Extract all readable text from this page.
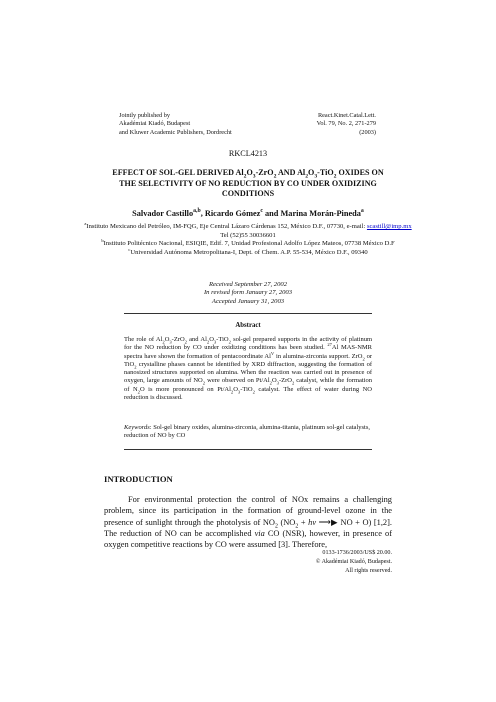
Jointly published by
Akadémiai Kiadó, Budapest
and Kluwer Academic Publishers, Dordrecht
React.Kinet.Catal.Lett.
Vol. 79, No. 2, 271-279
(2003)
RKCL4213
EFFECT OF SOL-GEL DERIVED $Al_2O_3-ZrO_2$ AND $Al_2O_3-TiO_2$ OXIDES ON THE SELECTIVITY OF NO REDUCTION BY CO UNDER OXIDIZING CONDITIONS
Salvador Castillo$^{a,b}$, Ricardo Gómez$^c$ and Marina Morán-Pineda$^a$
$^a$Instituto Mexicano del Petróleo, IM-FQG, Eje Central Lázaro Cárdenas 152, México D.F., 07730, e-mail: scastill@imp.mx Tel (52)55 30036601
$^b$Instituto Politécnico Nacional, ESIQIE, Edif. 7, Unidad Profesional Adolfo López Mateos, 07738 México D.F
$^c$Universidad Autónoma Metropolitana-I, Dept. of Chem. A.P. 55-534, México D.F., 09340
Received September 27, 2002
In revised form January 27, 2003
Accepted January 31, 2003
Abstract
The role of $Al_2O_3-ZrO_2$ and $Al_2O_3-TiO_2$ sol-gel prepared supports in the activity of platinum for the NO reduction by CO under oxidizing conditions has been studied. $^{27}$Al MAS-NMR spectra have shown the formation of pentacoordinate $Al^V$ in alumina-zirconia support. ZrO$_2$ or TiO$_2$ crystalline phases cannot be identified by XRD diffraction, suggesting the formation of nanosized structures supported on alumina. When the reaction was carried out in presence of oxygen, large amounts of $NO_2$ were observed on $Pt/Al_2O_3-ZrO_2$ catalyst, while the formation of $N_2O$ is more pronounced on $Pt/Al_2O_3-TiO_2$ catalyst. The effect of water during NO reduction is discussed.
Keywords: Sol-gel binary oxides, alumina-zirconia, alumina-titania, platinum sol-gel catalysts, reduction of NO by CO
INTRODUCTION
For environmental protection the control of NOx remains a challenging problem, since its participation in the formation of ground-level ozone in the presence of sunlight through the photolysis of $NO_2$ ($NO_2$ + hv ⟶▶ NO + O) [1,2]. The reduction of NO can be accomplished via CO (NSR), however, in presence of oxygen competitive reactions by CO were assumed [3]. Therefore,
0133-1736/2003/US$ 20.00.
© Akadémiai Kiadó, Budapest.
All rights reserved.
